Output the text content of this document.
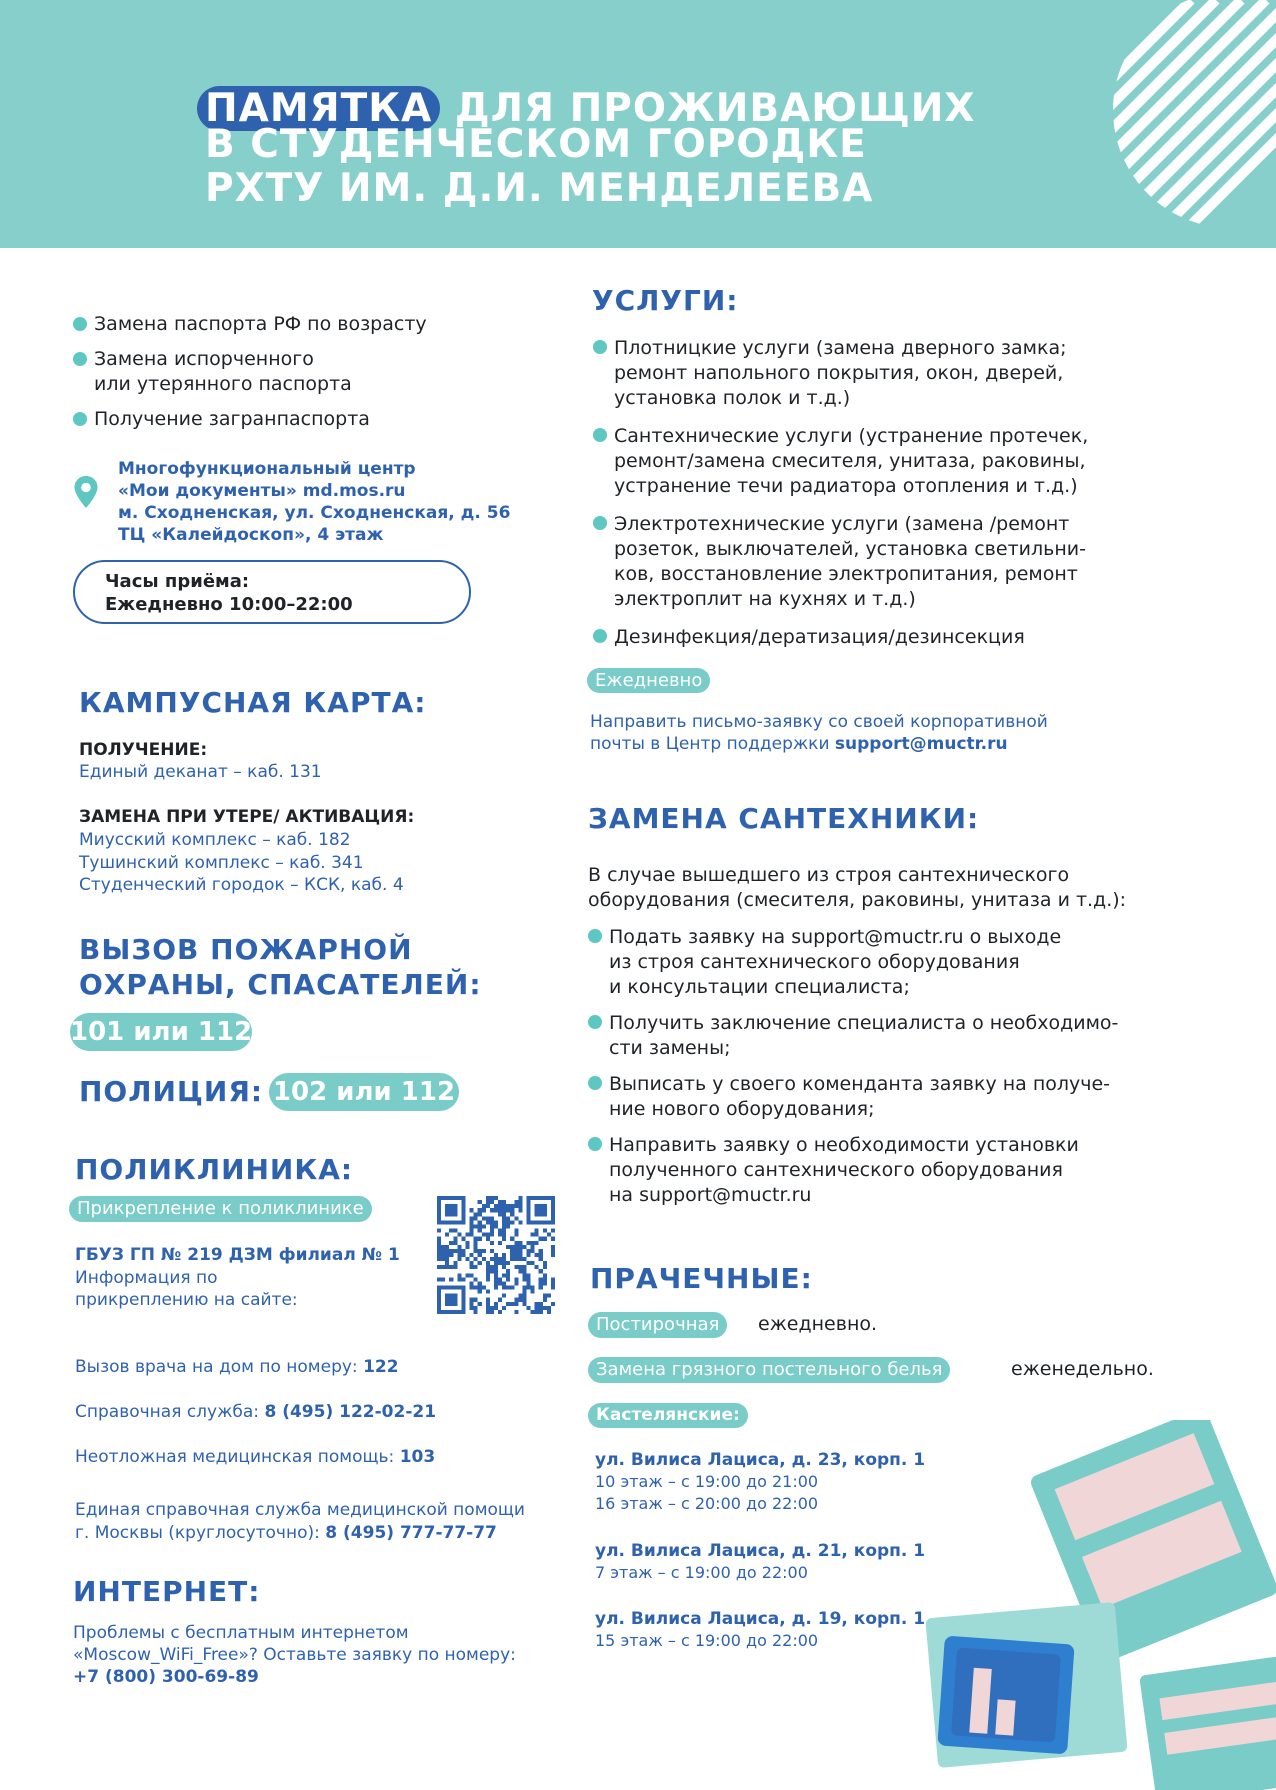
ПАМЯТКА ДЛЯ ПРОЖИВАЮЩИХ
В СТУДЕНЧЕСКОМ ГОРОДКЕ
РХТУ ИМ. Д.И. МЕНДЕЛЕЕВА
Замена паспорта РФ по возрасту
Замена испорченного
или утерянного паспорта
Получение загранпаспорта
Многофункциональный центр
«Мои документы» md.mos.ru
м. Сходненская, ул. Сходненская, д. 56
ТЦ «Калейдоскоп», 4 этаж
Часы приёма:
Ежедневно 10:00–22:00
КАМПУСНАЯ КАРТА:
ПОЛУЧЕНИЕ:
Единый деканат – каб. 131
ЗАМЕНА ПРИ УТЕРЕ/ АКТИВАЦИЯ:
Миусский комплекс – каб. 182
Тушинский комплекс – каб. 341
Студенческий городок – КСК, каб. 4
ВЫЗОВ ПОЖАРНОЙ
ОХРАНЫ, СПАСАТЕЛЕЙ:
101 или 112
ПОЛИЦИЯ: 102 или 112
ПОЛИКЛИНИКА:
Прикрепление к поликлинике
ГБУЗ ГП № 219 ДЗМ филиал № 1
Информация по
прикреплению на сайте:
Вызов врача на дом по номеру: 122
Справочная служба: 8 (495) 122-02-21
Неотложная медицинская помощь: 103
Единая справочная служба медицинской помощи
г. Москвы (круглосуточно): 8 (495) 777-77-77
ИНТЕРНЕТ:
Проблемы с бесплатным интернетом
«Moscow_WiFi_Free»? Оставьте заявку по номеру:
+7 (800) 300-69-89
УСЛУГИ:
Плотницкие услуги (замена дверного замка;
ремонт напольного покрытия, окон, дверей,
установка полок и т.д.)
Сантехнические услуги (устранение протечек,
ремонт/замена смесителя, унитаза, раковины,
устранение течи радиатора отопления и т.д.)
Электротехнические услуги (замена /ремонт
розеток, выключателей, установка светильни-
ков, восстановление электропитания, ремонт
электроплит на кухнях и т.д.)
Дезинфекция/дератизация/дезинсекция
Ежедневно
Направить письмо-заявку со своей корпоративной
почты в Центр поддержки support@muctr.ru
ЗАМЕНА САНТЕХНИКИ:
В случае вышедшего из строя сантехнического
оборудования (смесителя, раковины, унитаза и т.д.):
Подать заявку на support@muctr.ru о выходе
из строя сантехнического оборудования
и консультации специалиста;
Получить заключение специалиста о необходимо-
сти замены;
Выписать у своего коменданта заявку на получе-
ние нового оборудования;
Направить заявку о необходимости установки
полученного сантехнического оборудования
на support@muctr.ru
ПРАЧЕЧНЫЕ:
Постирочная	ежедневно.
Замена грязного постельного белья	еженедельно.
Кастелянские:
ул. Вилиса Лациса, д. 23, корп. 1
10 этаж – с 19:00 до 21:00
16 этаж – с 20:00 до 22:00
ул. Вилиса Лациса, д. 21, корп. 1
7 этаж – с 19:00 до 22:00
ул. Вилиса Лациса, д. 19, корп. 1
15 этаж – с 19:00 до 22:00
